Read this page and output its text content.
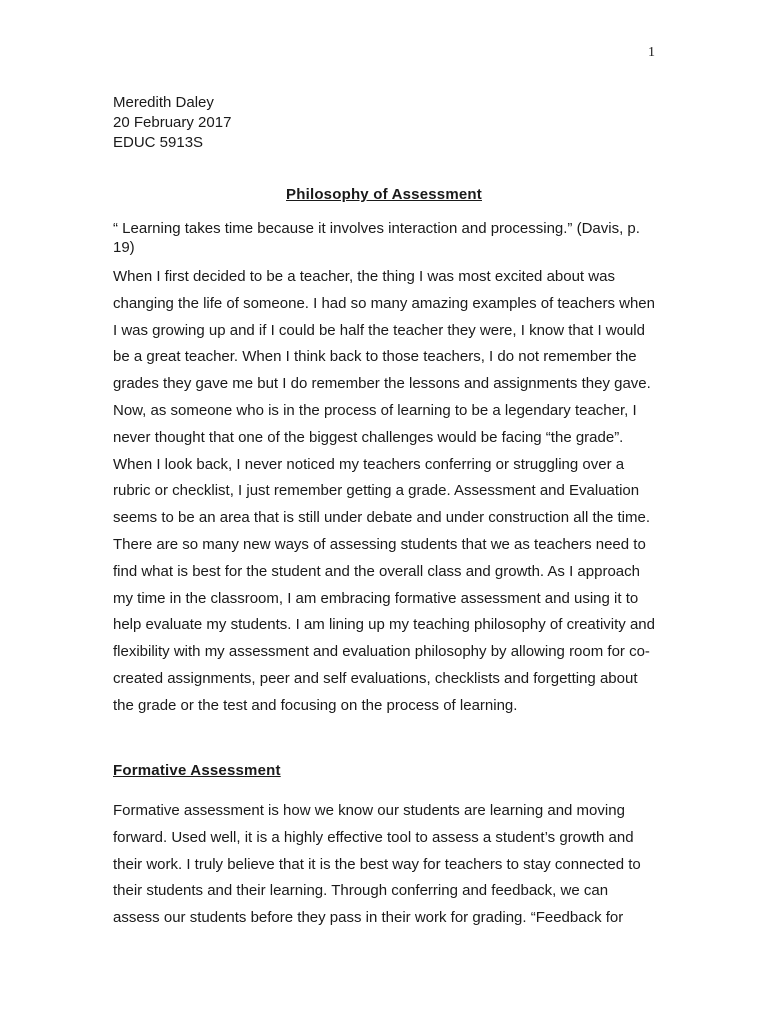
1
Meredith Daley
20 February 2017
EDUC 5913S
Philosophy of Assessment
“ Learning takes time because it involves interaction and processing.” (Davis, p. 19)
When I first decided to be a teacher, the thing I was most excited about was changing the life of someone. I had so many amazing examples of teachers when I was growing up and if I could be half the teacher they were, I know that I would be a great teacher. When I think back to those teachers, I do not remember the grades they gave me but I do remember the lessons and assignments they gave. Now, as someone who is in the process of learning to be a legendary teacher, I never thought that one of the biggest challenges would be facing “the grade”. When I look back, I never noticed my teachers conferring or struggling over a rubric or checklist, I just remember getting a grade. Assessment and Evaluation seems to be an area that is still under debate and under construction all the time. There are so many new ways of assessing students that we as teachers need to find what is best for the student and the overall class and growth. As I approach my time in the classroom, I am embracing formative assessment and using it to help evaluate my students. I am lining up my teaching philosophy of creativity and flexibility with my assessment and evaluation philosophy by allowing room for co-created assignments, peer and self evaluations, checklists and forgetting about the grade or the test and focusing on the process of learning.
Formative Assessment
Formative assessment is how we know our students are learning and moving forward. Used well, it is a highly effective tool to assess a student’s growth and their work. I truly believe that it is the best way for teachers to stay connected to their students and their learning. Through conferring and feedback, we can assess our students before they pass in their work for grading. “Feedback for
